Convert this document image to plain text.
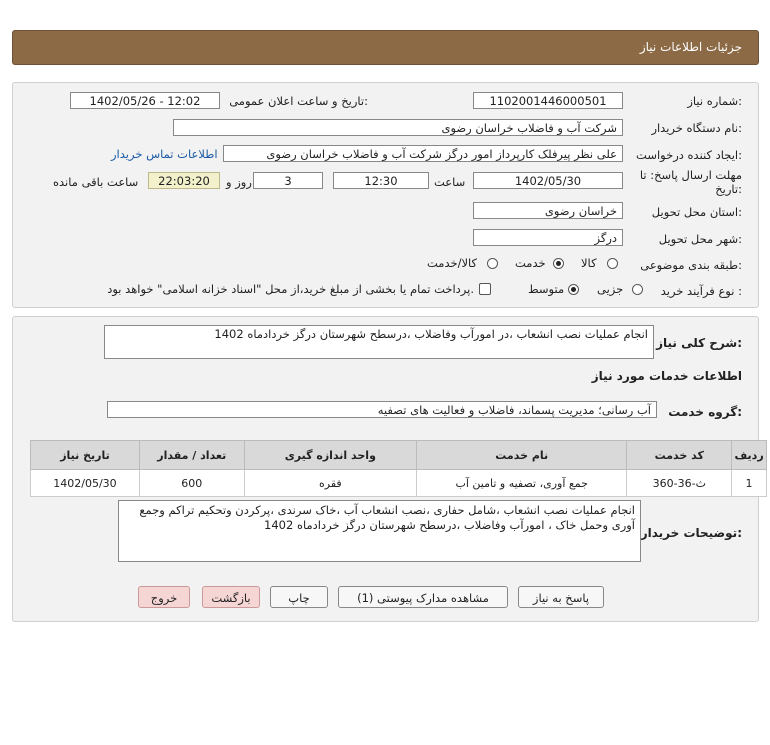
جزئیات اطلاعات نیاز
شماره نیاز:
1102001446000501
تاریخ و ساعت اعلان عمومی:
1402/05/26 - 12:02
نام دستگاه خریدار:
شرکت آب و فاضلاب خراسان رضوی
ایجاد کننده درخواست:
علی نظر پیرفلک کارپرداز امور درگز شرکت آب و فاضلاب خراسان رضوی
اطلاعات تماس خریدار
مهلت ارسال پاسخ: تا
تاریخ:
1402/05/30
ساعت
12:30
3
روز و
22:03:20
ساعت باقی مانده
استان محل تحویل:
خراسان رضوی
شهر محل تحویل:
درگز
طبقه بندی موضوعی:
کالا
خدمت
کالا/خدمت
نوع فرآیند خرید :
جزیی
متوسط
پرداخت تمام یا بخشی از مبلغ خرید،از محل "اسناد خزانه اسلامی" خواهد بود.
شرح کلی نیاز:
انجام عملیات نصب انشعاب ،در امورآب وفاضلاب ،درسطح شهرستان درگز خردادماه 1402
اطلاعات خدمات مورد نیاز
گروه خدمت:
آب رسانی؛ مدیریت پسماند، فاضلاب و فعالیت های تصفیه
ردیف	کد خدمت	نام خدمت	واحد اندازه گیری	تعداد / مقدار	تاریخ نیاز
1	ث-36-360	جمع آوری، تصفیه و تامین آب	فقره	600	1402/05/30
توضیحات خریدار:
انجام عملیات نصب انشعاب ،شامل حفاری ،نصب انشعاب آب ،خاک سرندی ،پرکردن وتحکیم تراکم وجمع آوری وحمل خاک ، امورآب وفاضلاب ،درسطح شهرستان درگز خردادماه 1402
پاسخ به نیاز
مشاهده مدارک پیوستی (1)
چاپ
بازگشت
خروج
